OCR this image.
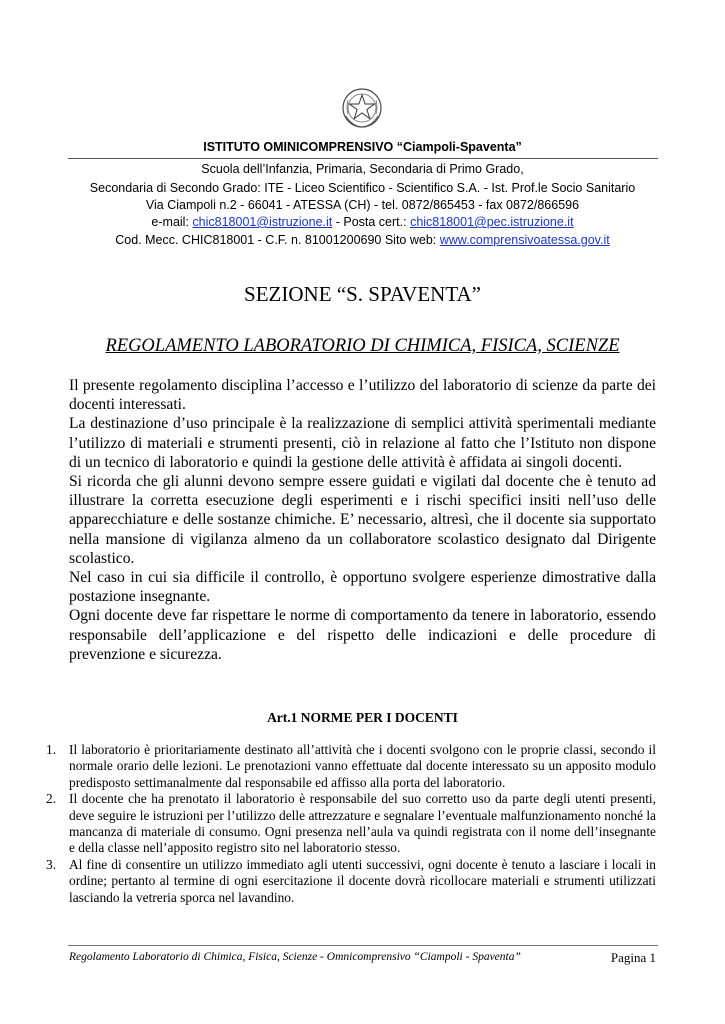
ISTITUTO OMINICOMPRENSIVO “Ciampoli-Spaventa”
Scuola dell’Infanzia, Primaria, Secondaria di Primo Grado,
Secondaria di Secondo Grado: ITE - Liceo Scientifico - Scientifico S.A. - Ist. Prof.le Socio Sanitario
Via Ciampoli n.2 - 66041 - ATESSA (CH) - tel. 0872/865453 - fax 0872/866596
e-mail: chic818001@istruzione.it - Posta cert.: chic818001@pec.istruzione.it
Cod. Mecc. CHIC818001 - C.F. n. 81001200690 Sito web: www.comprensivoatessa.gov.it
SEZIONE “S. SPAVENTA”
REGOLAMENTO LABORATORIO DI CHIMICA, FISICA, SCIENZE

Il presente regolamento disciplina l’accesso e l’utilizzo del laboratorio di scienze da parte dei docenti interessati.

La destinazione d’uso principale è la realizzazione di semplici attività sperimentali mediante l’utilizzo di materiali e strumenti presenti, ciò in relazione al fatto che l’Istituto non dispone di un tecnico di laboratorio e quindi la gestione delle attività è affidata ai singoli docenti.

Si ricorda che gli alunni devono sempre essere guidati e vigilati dal docente che è tenuto ad illustrare la corretta esecuzione degli esperimenti e i rischi specifici insiti nell’uso delle apparecchiature e delle sostanze chimiche. E’ necessario, altresì, che il docente sia supportato nella mansione di vigilanza almeno da un collaboratore scolastico designato dal Dirigente scolastico.

Nel caso in cui sia difficile il controllo, è opportuno svolgere esperienze dimostrative dalla postazione insegnante.

Ogni docente deve far rispettare le norme di comportamento da tenere in laboratorio, essendo responsabile dell’applicazione e del rispetto delle indicazioni e delle procedure di prevenzione e sicurezza.

Art.1 NORME PER I DOCENTI
1. Il laboratorio è prioritariamente destinato all’attività che i docenti svolgono con le proprie classi, secondo il normale orario delle lezioni. Le prenotazioni vanno effettuate dal docente interessato su un apposito modulo predisposto settimanalmente dal responsabile ed affisso alla porta del laboratorio.
2. Il docente che ha prenotato il laboratorio è responsabile del suo corretto uso da parte degli utenti presenti, deve seguire le istruzioni per l’utilizzo delle attrezzature e segnalare l’eventuale malfunzionamento nonché la mancanza di materiale di consumo. Ogni presenza nell’aula va quindi registrata con il nome dell’insegnante e della classe nell’apposito registro sito nel laboratorio stesso.
3. Al fine di consentire un utilizzo immediato agli utenti successivi, ogni docente è tenuto a lasciare i locali in ordine; pertanto al termine di ogni esercitazione il docente dovrà ricollocare materiali e strumenti utilizzati lasciando la vetreria sporca nel lavandino.
Regolamento Laboratorio di Chimica, Fisica, Scienze - Omnicomprensivo “Ciampoli - Spaventa”	Pagina 1
